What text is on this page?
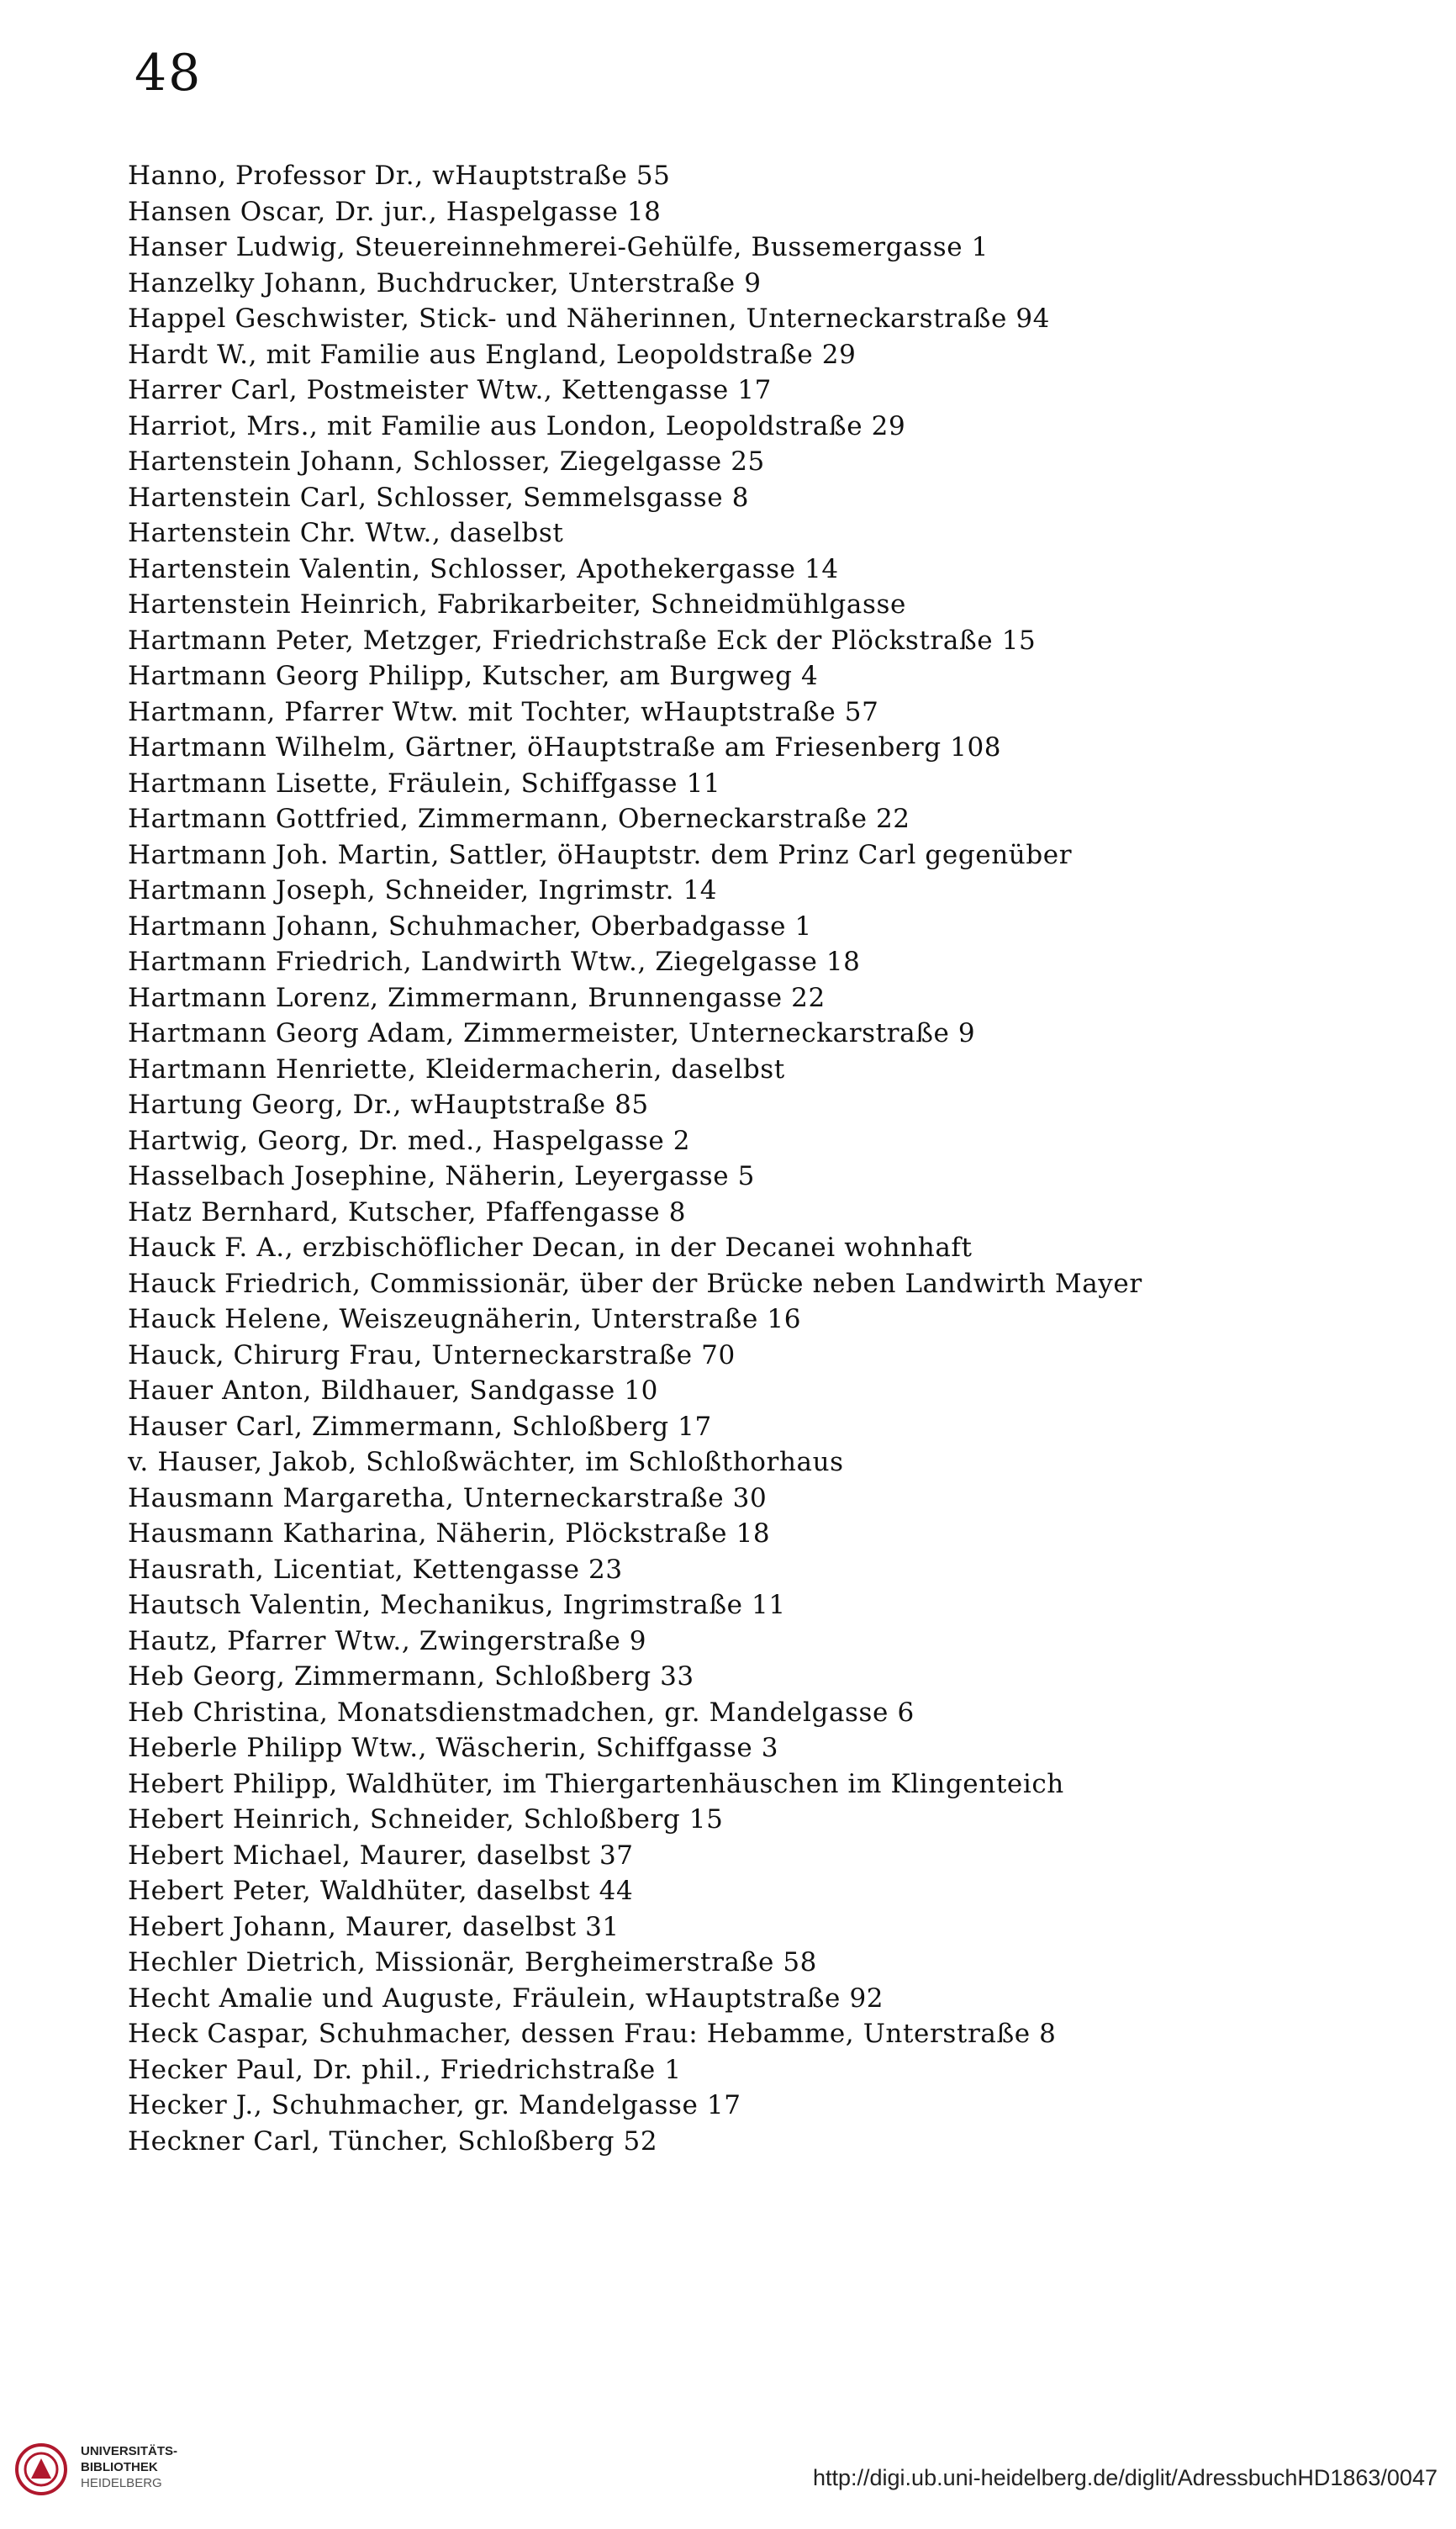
48
Hanno, Professor Dr., wHauptstraße 55
Hansen Oscar, Dr. jur., Haspelgasse 18
Hanser Ludwig, Steuereinnehmerei-Gehülfe, Bussemergasse 1
Hanzelky Johann, Buchdrucker, Unterstraße 9
Happel Geschwister, Stick- und Näherinnen, Unterneckarstraße 94
Hardt W., mit Familie aus England, Leopoldstraße 29
Harrer Carl, Postmeister Wtw., Kettengasse 17
Harriot, Mrs., mit Familie aus London, Leopoldstraße 29
Hartenstein Johann, Schlosser, Ziegelgasse 25
Hartenstein Carl, Schlosser, Semmelsgasse 8
Hartenstein Chr. Wtw., daselbst
Hartenstein Valentin, Schlosser, Apothekergasse 14
Hartenstein Heinrich, Fabrikarbeiter, Schneidmühlgasse
Hartmann Peter, Metzger, Friedrichstraße Eck der Plöckstraße 15
Hartmann Georg Philipp, Kutscher, am Burgweg 4
Hartmann, Pfarrer Wtw. mit Tochter, wHauptstraße 57
Hartmann Wilhelm, Gärtner, öHauptstraße am Friesenberg 108
Hartmann Lisette, Fräulein, Schiffgasse 11
Hartmann Gottfried, Zimmermann, Oberneckarstraße 22
Hartmann Joh. Martin, Sattler, öHauptstr. dem Prinz Carl gegenüber
Hartmann Joseph, Schneider, Ingrimstr. 14
Hartmann Johann, Schuhmacher, Oberbadgasse 1
Hartmann Friedrich, Landwirth Wtw., Ziegelgasse 18
Hartmann Lorenz, Zimmermann, Brunnengasse 22
Hartmann Georg Adam, Zimmermeister, Unterneckarstraße 9
Hartmann Henriette, Kleidermacherin, daselbst
Hartung Georg, Dr., wHauptstraße 85
Hartwig, Georg, Dr. med., Haspelgasse 2
Hasselbach Josephine, Näherin, Leyergasse 5
Hatz Bernhard, Kutscher, Pfaffengasse 8
Hauck F. A., erzbischöflicher Decan, in der Decanei wohnhaft
Hauck Friedrich, Commissionär, über der Brücke neben Landwirth Mayer
Hauck Helene, Weiszeugnäherin, Unterstraße 16
Hauck, Chirurg Frau, Unterneckarstraße 70
Hauer Anton, Bildhauer, Sandgasse 10
Hauser Carl, Zimmermann, Schloßberg 17
v. Hauser, Jakob, Schloßwächter, im Schloßthorhaus
Hausmann Margaretha, Unterneckarstraße 30
Hausmann Katharina, Näherin, Plöckstraße 18
Hausrath, Licentiat, Kettengasse 23
Hautsch Valentin, Mechanikus, Ingrimstraße 11
Hautz, Pfarrer Wtw., Zwingerstraße 9
Heb Georg, Zimmermann, Schloßberg 33
Heb Christina, Monatsdienstmadchen, gr. Mandelgasse 6
Heberle Philipp Wtw., Wäscherin, Schiffgasse 3
Hebert Philipp, Waldhüter, im Thiergartenhäuschen im Klingenteich
Hebert Heinrich, Schneider, Schloßberg 15
Hebert Michael, Maurer, daselbst 37
Hebert Peter, Waldhüter, daselbst 44
Hebert Johann, Maurer, daselbst 31
Hechler Dietrich, Missionär, Bergheimerstraße 58
Hecht Amalie und Auguste, Fräulein, wHauptstraße 92
Heck Caspar, Schuhmacher, dessen Frau: Hebamme, Unterstraße 8
Hecker Paul, Dr. phil., Friedrichstraße 1
Hecker J., Schuhmacher, gr. Mandelgasse 17
Heckner Carl, Tüncher, Schloßberg 52
UNIVERSITÄTS-
BIBLIOTHEK
HEIDELBERG	http://digi.ub.uni-heidelberg.de/diglit/AdressbuchHD1863/0047
